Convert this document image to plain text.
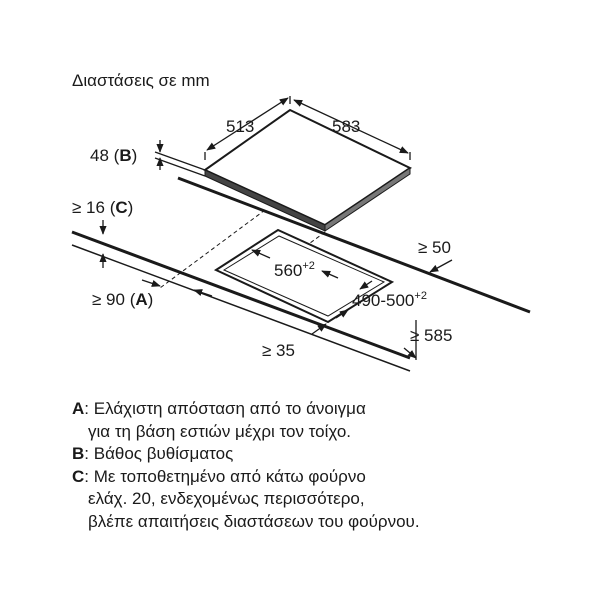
Διαστάσεις σε mm
513	583
48 (B)
≥ 16 (C)
$560^{+2}$
$490-500^{+2}$
≥ 50
≥ 90 (A)
≥ 35
≥ 585
A : Ελάχιστη απόσταση από το άνοιγμα
για τη βάση εστιών μέχρι τον τοίχο.
B : Βάθος βυθίσματος
C : Με τοποθετημένο από κάτω φούρνο
ελάχ. 20, ενδεχομένως περισσότερο,
βλέπε απαιτήσεις διαστάσεων του φούρνου.
